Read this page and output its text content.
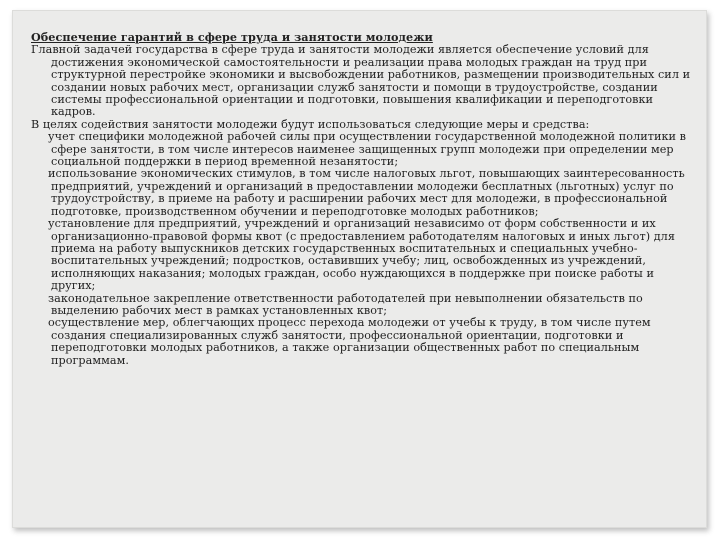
Обеспечение гарантий в сфере труда и занятости молодежи

Главной задачей государства в сфере труда и занятости молодежи является обеспечение условий для достижения экономической самостоятельности и реализации права молодых граждан на труд при структурной перестройке экономики и высвобождении работников, размещении производительных сил и создании новых рабочих мест, организации служб занятости и помощи в трудоустройстве, создании системы профессиональной ориентации и подготовки, повышения квалификации и переподготовки кадров.

В целях содействия занятости молодежи будут использоваться следующие меры и средства:

учет специфики молодежной рабочей силы при осуществлении государственной молодежной политики в сфере занятости, в том числе интересов наименее защищенных групп молодежи при определении мер социальной поддержки в период временной незанятости;
использование экономических стимулов, в том числе налоговых льгот, повышающих заинтересованность предприятий, учреждений и организаций в предоставлении молодежи бесплатных (льготных) услуг по трудоустройству, в приеме на работу и расширении рабочих мест для молодежи, в профессиональной подготовке, производственном обучении и переподготовке молодых работников;
установление для предприятий, учреждений и организаций независимо от форм собственности и их организационно-правовой формы квот (с предоставлением работодателям налоговых и иных льгот) для приема на работу выпускников детских государственных воспитательных и специальных учебно-воспитательных учреждений; подростков, оставивших учебу; лиц, освобожденных из учреждений, исполняющих наказания; молодых граждан, особо нуждающихся в поддержке при поиске работы и других;
законодательное закрепление ответственности работодателей при невыполнении обязательств по выделению рабочих мест в рамках установленных квот;
осуществление мер, облегчающих процесс перехода молодежи от учебы к труду, в том числе путем создания специализированных служб занятости, профессиональной ориентации, подготовки и переподготовки молодых работников, а также организации общественных работ по специальным программам.
